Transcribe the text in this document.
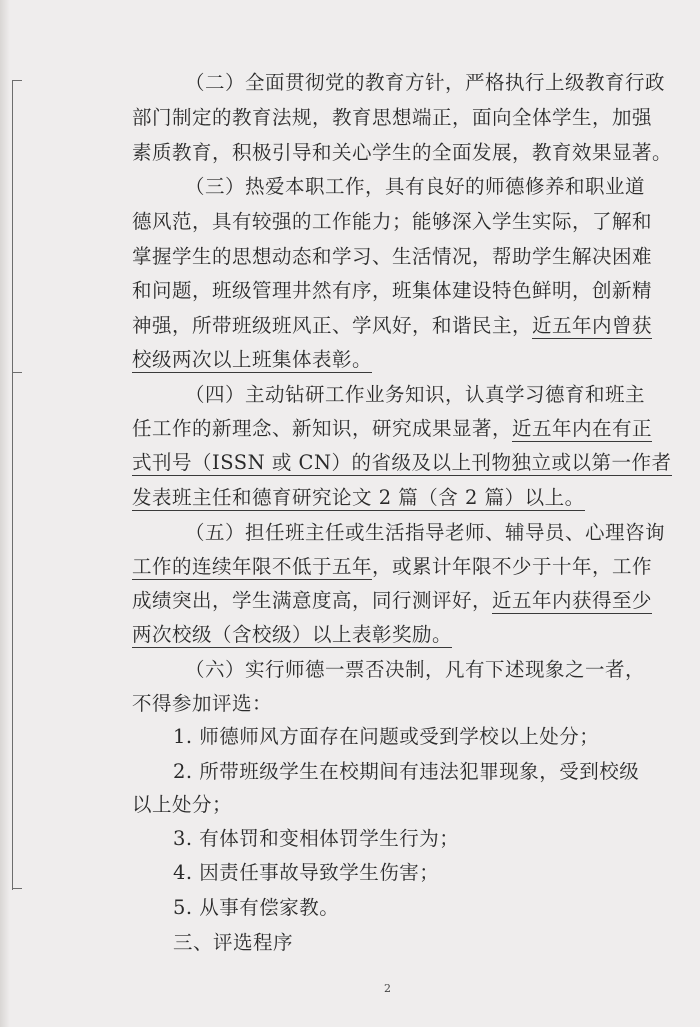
（二）全面贯彻党的教育方针，严格执行上级教育行政
部门制定的教育法规，教育思想端正，面向全体学生，加强
素质教育，积极引导和关心学生的全面发展，教育效果显著。
（三）热爱本职工作，具有良好的师德修养和职业道
德风范，具有较强的工作能力；能够深入学生实际，了解和
掌握学生的思想动态和学习、生活情况，帮助学生解决困难
和问题，班级管理井然有序，班集体建设特色鲜明，创新精
神强，所带班级班风正、学风好，和谐民主，近五年内曾获
校级两次以上班集体表彰。
（四）主动钻研工作业务知识，认真学习德育和班主
任工作的新理念、新知识，研究成果显著，近五年内在有正
式刊号（ISSN 或 CN）的省级及以上刊物独立或以第一作者
发表班主任和德育研究论文 2 篇（含 2 篇）以上。
（五）担任班主任或生活指导老师、辅导员、心理咨询
工作的连续年限不低于五年，或累计年限不少于十年，工作
成绩突出，学生满意度高，同行测评好，近五年内获得至少
两次校级（含校级）以上表彰奖励。
（六）实行师德一票否决制，凡有下述现象之一者，
不得参加评选：
1. 师德师风方面存在问题或受到学校以上处分；
2. 所带班级学生在校期间有违法犯罪现象，受到校级
以上处分；
3. 有体罚和变相体罚学生行为；
4. 因责任事故导致学生伤害；
5. 从事有偿家教。
三、评选程序
2
